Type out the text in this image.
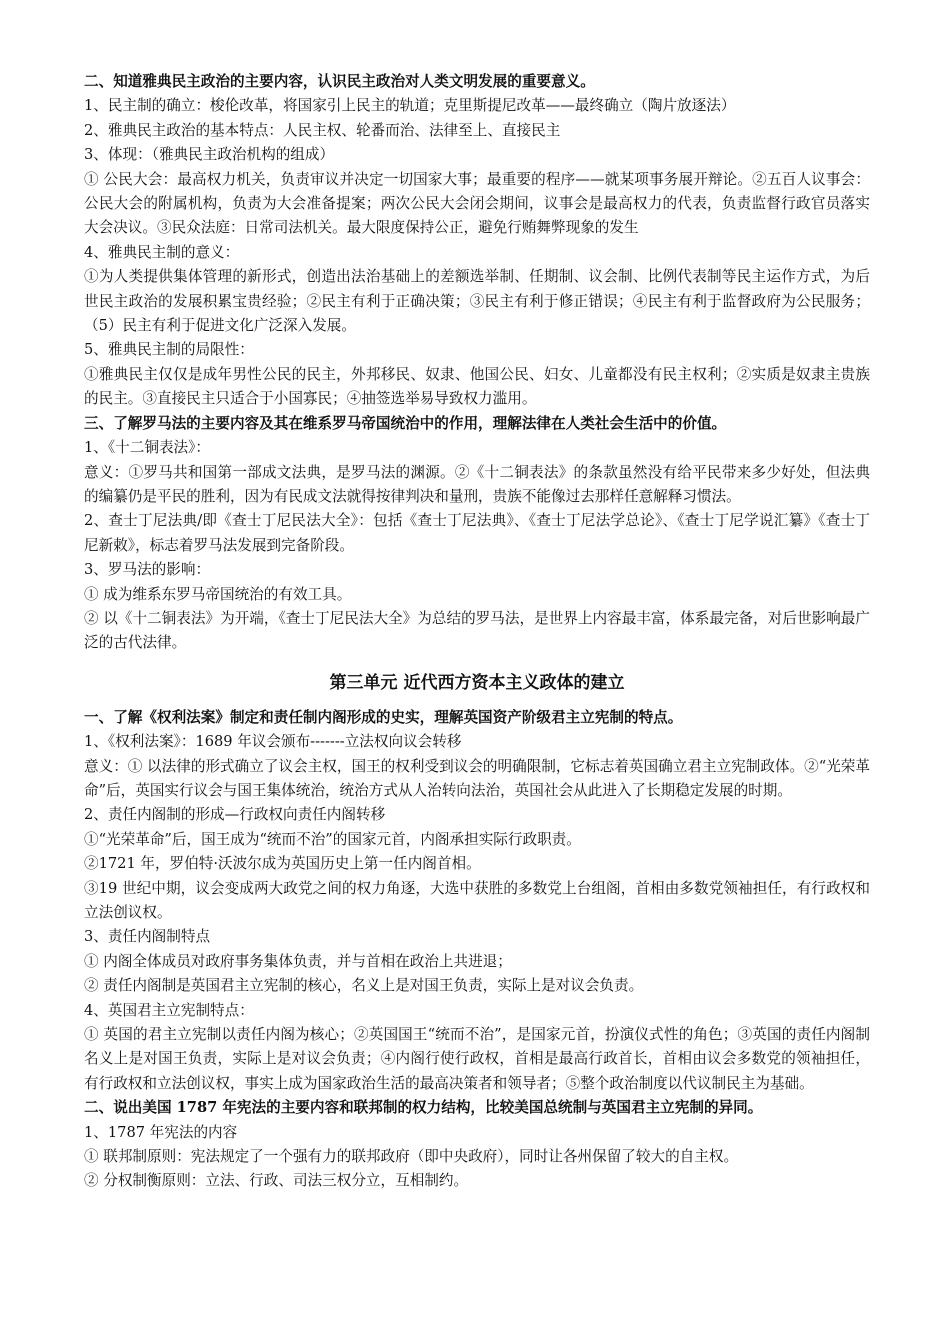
二、知道雅典民主政治的主要内容，认识民主政治对人类文明发展的重要意义。

1、民主制的确立：梭伦改革，将国家引上民主的轨道；克里斯提尼改革——最终确立（陶片放逐法）

2、雅典民主政治的基本特点：人民主权、轮番而治、法律至上、直接民主

3、体现：（雅典民主政治机构的组成）

① 公民大会：最高权力机关，负责审议并决定一切国家大事；最重要的程序——就某项事务展开辩论。②五百人议事会：公民大会的附属机构，负责为大会准备提案；两次公民大会闭会期间，议事会是最高权力的代表，负责监督行政官员落实大会决议。③民众法庭：日常司法机关。最大限度保持公正，避免行贿舞弊现象的发生

4、雅典民主制的意义：

①为人类提供集体管理的新形式，创造出法治基础上的差额选举制、任期制、议会制、比例代表制等民主运作方式，为后世民主政治的发展积累宝贵经验；②民主有利于正确决策；③民主有利于修正错误；④民主有利于监督政府为公民服务；（5）民主有利于促进文化广泛深入发展。

5、雅典民主制的局限性：

①雅典民主仅仅是成年男性公民的民主，外邦移民、奴隶、他国公民、妇女、儿童都没有民主权利；②实质是奴隶主贵族的民主。③直接民主只适合于小国寡民；④抽签选举易导致权力滥用。

三、了解罗马法的主要内容及其在维系罗马帝国统治中的作用，理解法律在人类社会生活中的价值。

1、《十二铜表法》：

意义：①罗马共和国第一部成文法典，是罗马法的渊源。②《十二铜表法》的条款虽然没有给平民带来多少好处，但法典的编纂仍是平民的胜利，因为有民成文法就得按律判决和量刑，贵族不能像过去那样任意解释习惯法。

2、查士丁尼法典/即《查士丁尼民法大全》：包括《查士丁尼法典》、《查士丁尼法学总论》、《查士丁尼学说汇纂》《查士丁尼新敕》，标志着罗马法发展到完备阶段。

3、罗马法的影响：

① 成为维系东罗马帝国统治的有效工具。

② 以《十二铜表法》为开端，《查士丁尼民法大全》为总结的罗马法，是世界上内容最丰富，体系最完备，对后世影响最广泛的古代法律。

第三单元 近代西方资本主义政体的建立

一、了解《权利法案》制定和责任制内阁形成的史实，理解英国资产阶级君主立宪制的特点。

1、《权利法案》：1689 年议会颁布-------立法权向议会转移

意义：① 以法律的形式确立了议会主权，国王的权利受到议会的明确限制，它标志着英国确立君主立宪制政体。②“光荣革命”后，英国实行议会与国王集体统治，统治方式从人治转向法治，英国社会从此进入了长期稳定发展的时期。

2、责任内阁制的形成—行政权向责任内阁转移

①“光荣革命”后，国王成为“统而不治”的国家元首，内阁承担实际行政职责。

②1721 年，罗伯特·沃波尔成为英国历史上第一任内阁首相。

③19 世纪中期，议会变成两大政党之间的权力角逐，大选中获胜的多数党上台组阁，首相由多数党领袖担任，有行政权和立法创议权。

3、责任内阁制特点

① 内阁全体成员对政府事务集体负责，并与首相在政治上共进退；

② 责任内阁制是英国君主立宪制的核心，名义上是对国王负责，实际上是对议会负责。

4、英国君主立宪制特点：

① 英国的君主立宪制以责任内阁为核心；②英国国王“统而不治”，是国家元首，扮演仪式性的角色；③英国的责任内阁制名义上是对国王负责，实际上是对议会负责；④内阁行使行政权，首相是最高行政首长，首相由议会多数党的领袖担任，有行政权和立法创议权，事实上成为国家政治生活的最高决策者和领导者；⑤整个政治制度以代议制民主为基础。

二、说出美国 1787 年宪法的主要内容和联邦制的权力结构，比较美国总统制与英国君主立宪制的异同。

1、1787 年宪法的内容

① 联邦制原则：宪法规定了一个强有力的联邦政府（即中央政府），同时让各州保留了较大的自主权。

② 分权制衡原则：立法、行政、司法三权分立，互相制约。
